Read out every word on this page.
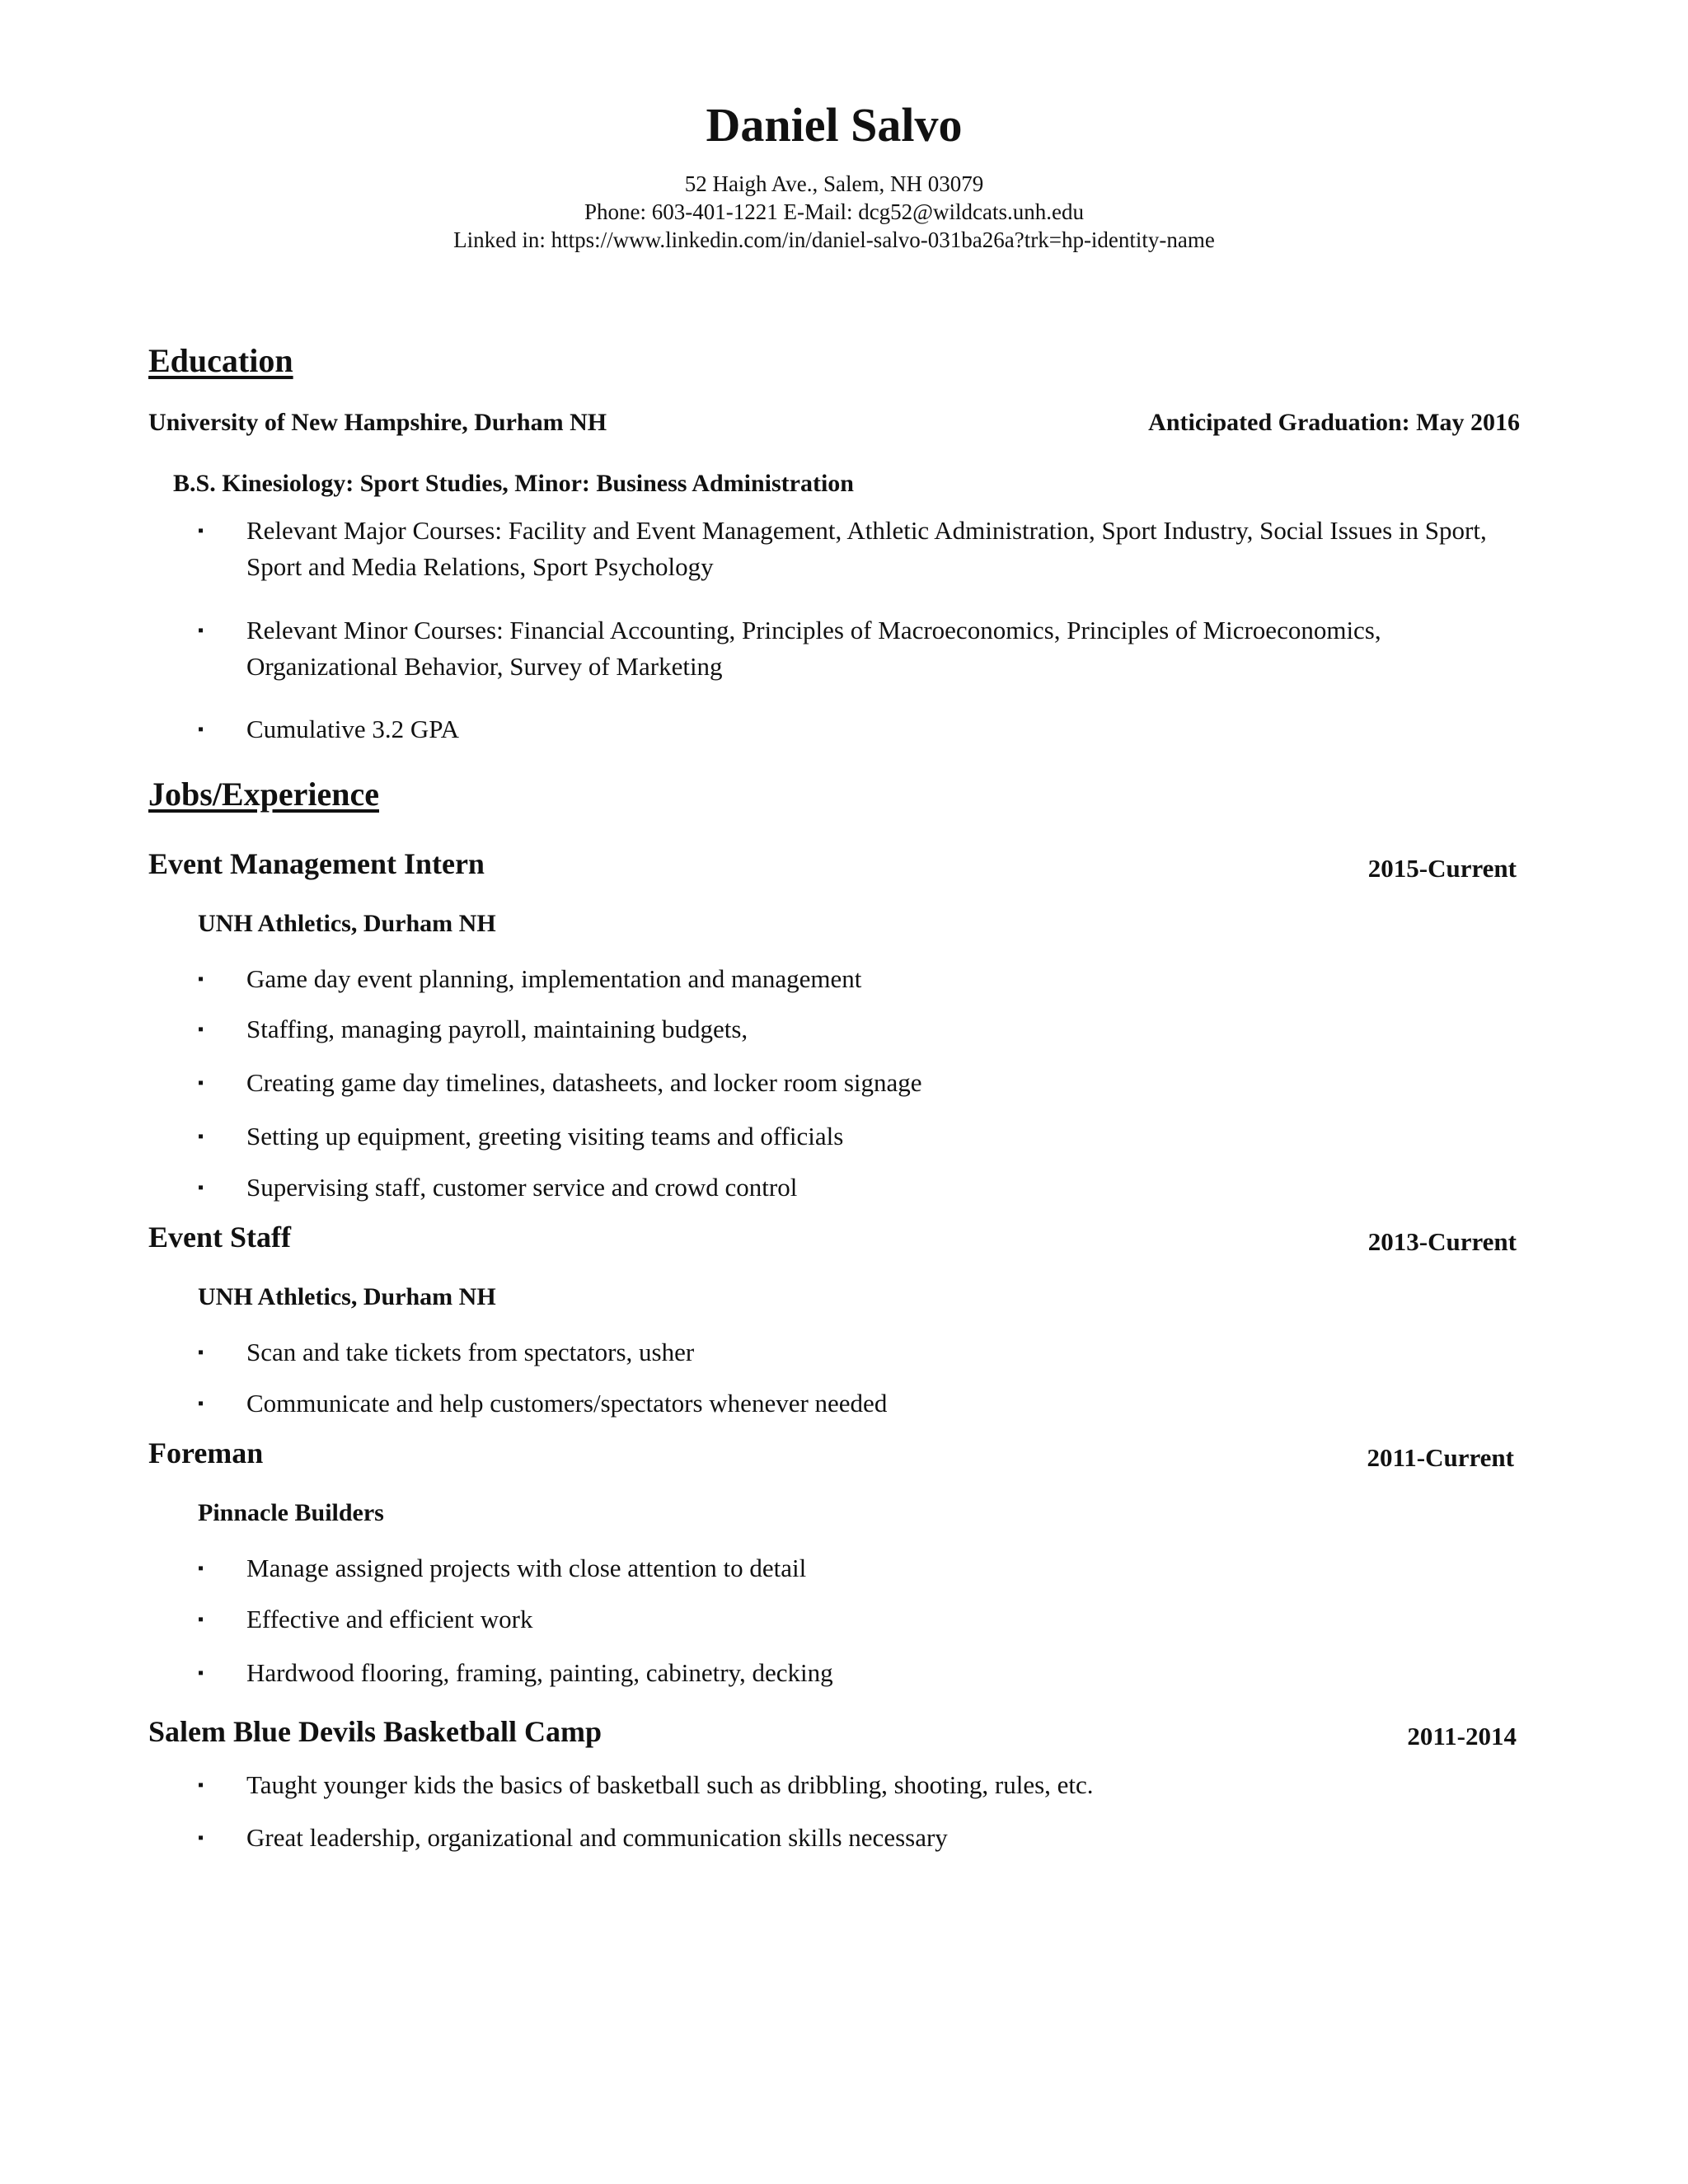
Daniel Salvo
52 Haigh Ave., Salem, NH 03079
Phone: 603-401-1221 E-Mail: dcg52@wildcats.unh.edu
Linked in: https://www.linkedin.com/in/daniel-salvo-031ba26a?trk=hp-identity-name
Education
University of New Hampshire, Durham NH	Anticipated Graduation: May 2016
B.S. Kinesiology: Sport Studies, Minor: Business Administration
▪	Relevant Major Courses: Facility and Event Management, Athletic Administration, Sport Industry, Social Issues in Sport, Sport and Media Relations, Sport Psychology
▪	Relevant Minor Courses: Financial Accounting, Principles of Macroeconomics, Principles of Microeconomics, Organizational Behavior, Survey of Marketing
▪	Cumulative 3.2 GPA
Jobs/Experience
Event Management Intern	2015-Current
UNH Athletics, Durham NH
▪	Game day event planning, implementation and management
▪	Staffing, managing payroll, maintaining budgets,
▪	Creating game day timelines, datasheets, and locker room signage
▪	Setting up equipment, greeting visiting teams and officials
▪	Supervising staff, customer service and crowd control
Event Staff	2013-Current
UNH Athletics, Durham NH
▪	Scan and take tickets from spectators, usher
▪	Communicate and help customers/spectators whenever needed
Foreman	2011-Current
Pinnacle Builders
▪	Manage assigned projects with close attention to detail
▪	Effective and efficient work
▪	Hardwood flooring, framing, painting, cabinetry, decking
Salem Blue Devils Basketball Camp	2011-2014
▪	Taught younger kids the basics of basketball such as dribbling, shooting, rules, etc.
▪	Great leadership, organizational and communication skills necessary
